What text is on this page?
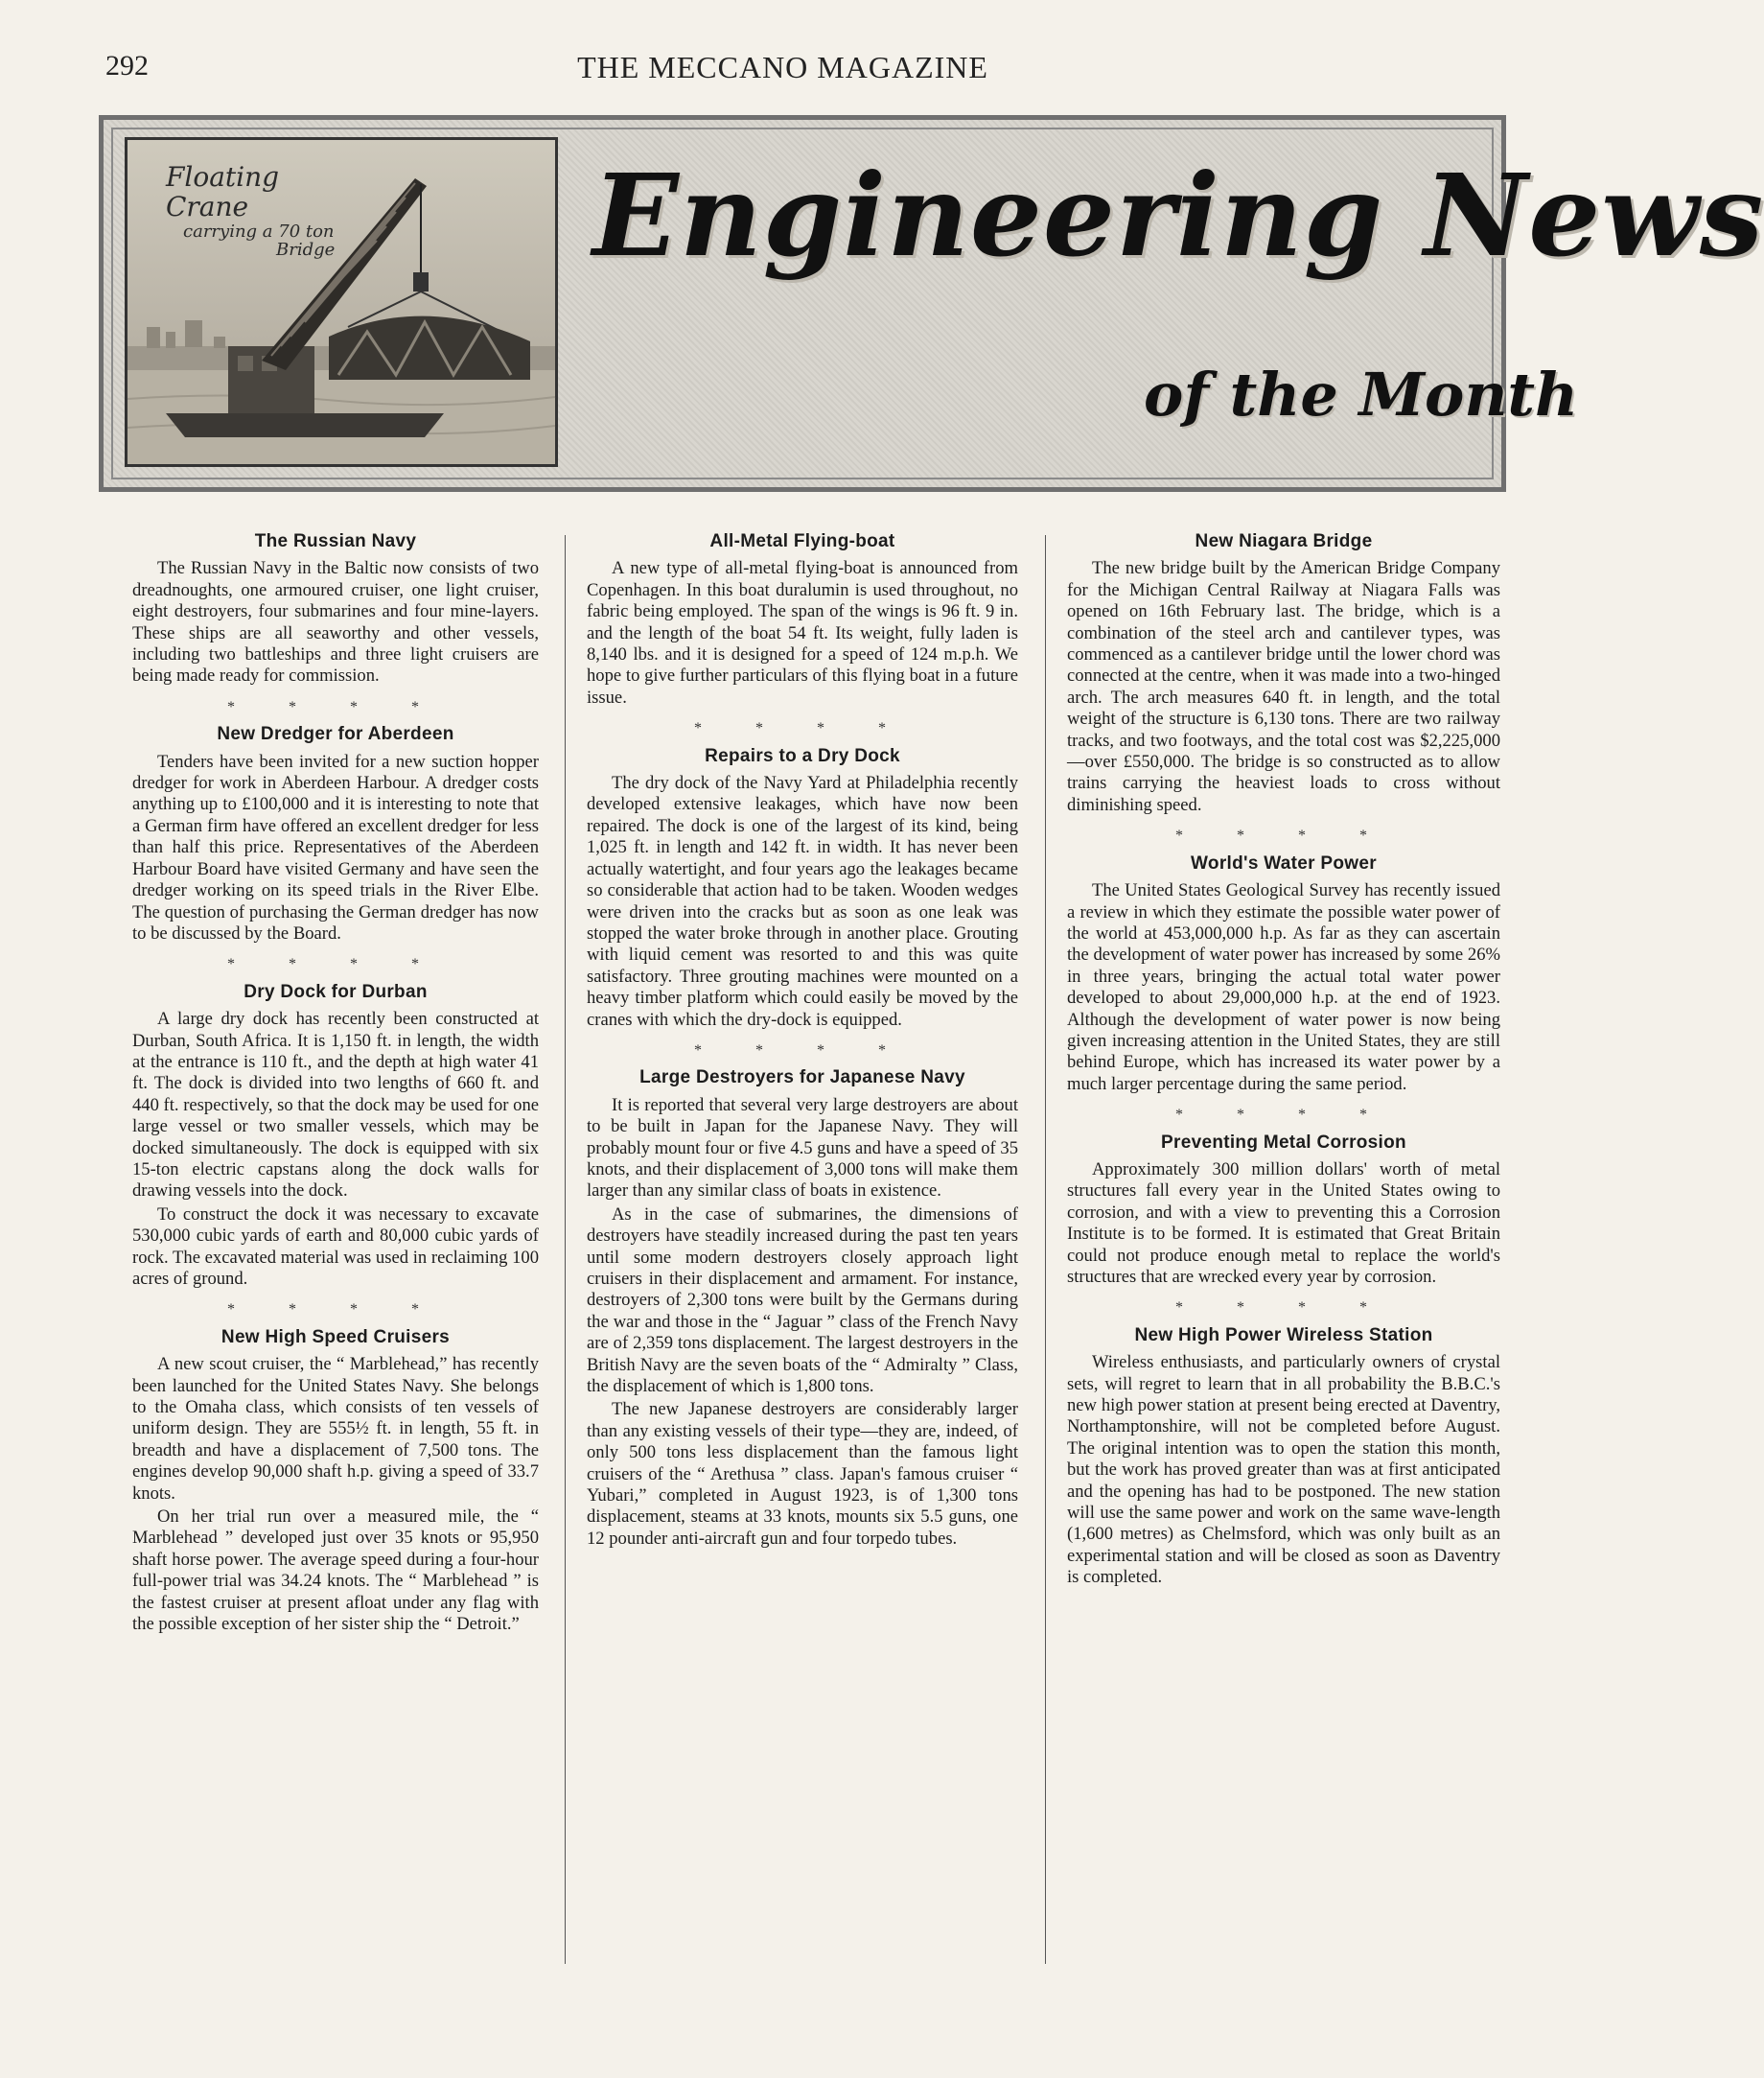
292	THE MECCANO MAGAZINE
Floating Crane
carrying a 70 ton
Bridge Engineering News
of the Month
The Russian Navy

The Russian Navy in the Baltic now consists of two dreadnoughts, one armoured cruiser, one light cruiser, eight destroyers, four submarines and four mine-layers. These ships are all seaworthy and other vessels, including two battleships and three light cruisers are being made ready for commission.

* * * *
New Dredger for Aberdeen

Tenders have been invited for a new suction hopper dredger for work in Aberdeen Harbour. A dredger costs anything up to £100,000 and it is interesting to note that a German firm have offered an excellent dredger for less than half this price. Representatives of the Aberdeen Harbour Board have visited Germany and have seen the dredger working on its speed trials in the River Elbe. The question of purchasing the German dredger has now to be discussed by the Board.

* * * *
Dry Dock for Durban

A large dry dock has recently been constructed at Durban, South Africa. It is 1,150 ft. in length, the width at the entrance is 110 ft., and the depth at high water 41 ft. The dock is divided into two lengths of 660 ft. and 440 ft. respectively, so that the dock may be used for one large vessel or two smaller vessels, which may be docked simultaneously. The dock is equipped with six 15-ton electric capstans along the dock walls for drawing vessels into the dock.

To construct the dock it was necessary to excavate 530,000 cubic yards of earth and 80,000 cubic yards of rock. The excavated material was used in reclaiming 100 acres of ground.

* * * *
New High Speed Cruisers

A new scout cruiser, the “ Marblehead,” has recently been launched for the United States Navy. She belongs to the Omaha class, which consists of ten vessels of uniform design. They are 555½ ft. in length, 55 ft. in breadth and have a displacement of 7,500 tons. The engines develop 90,000 shaft h.p. giving a speed of 33.7 knots.

On her trial run over a measured mile, the “ Marblehead ” developed just over 35 knots or 95,950 shaft horse power. The average speed during a four-hour full-power trial was 34.24 knots. The “ Marblehead ” is the fastest cruiser at present afloat under any flag with the possible exception of her sister ship the “ Detroit.”

All-Metal Flying-boat

A new type of all-metal flying-boat is announced from Copenhagen. In this boat duralumin is used throughout, no fabric being employed. The span of the wings is 96 ft. 9 in. and the length of the boat 54 ft. Its weight, fully laden is 8,140 lbs. and it is designed for a speed of 124 m.p.h. We hope to give further particulars of this flying boat in a future issue.

* * * *
Repairs to a Dry Dock

The dry dock of the Navy Yard at Philadelphia recently developed extensive leakages, which have now been repaired. The dock is one of the largest of its kind, being 1,025 ft. in length and 142 ft. in width. It has never been actually watertight, and four years ago the leakages became so considerable that action had to be taken. Wooden wedges were driven into the cracks but as soon as one leak was stopped the water broke through in another place. Grouting with liquid cement was resorted to and this was quite satisfactory. Three grouting machines were mounted on a heavy timber platform which could easily be moved by the cranes with which the dry-dock is equipped.

* * * *
Large Destroyers for Japanese Navy

It is reported that several very large destroyers are about to be built in Japan for the Japanese Navy. They will probably mount four or five 4.5 guns and have a speed of 35 knots, and their displacement of 3,000 tons will make them larger than any similar class of boats in existence.

As in the case of submarines, the dimensions of destroyers have steadily increased during the past ten years until some modern destroyers closely approach light cruisers in their displacement and armament. For instance, destroyers of 2,300 tons were built by the Germans during the war and those in the “ Jaguar ” class of the French Navy are of 2,359 tons displacement. The largest destroyers in the British Navy are the seven boats of the “ Admiralty ” Class, the displacement of which is 1,800 tons.

The new Japanese destroyers are considerably larger than any existing vessels of their type—they are, indeed, of only 500 tons less displacement than the famous light cruisers of the “ Arethusa ” class. Japan's famous cruiser “ Yubari,” completed in August 1923, is of 1,300 tons displacement, steams at 33 knots, mounts six 5.5 guns, one 12 pounder anti-aircraft gun and four torpedo tubes.

New Niagara Bridge

The new bridge built by the American Bridge Company for the Michigan Central Railway at Niagara Falls was opened on 16th February last. The bridge, which is a combination of the steel arch and cantilever types, was commenced as a cantilever bridge until the lower chord was connected at the centre, when it was made into a two-hinged arch. The arch measures 640 ft. in length, and the total weight of the structure is 6,130 tons. There are two railway tracks, and two footways, and the total cost was $2,225,000 —over £550,000. The bridge is so constructed as to allow trains carrying the heaviest loads to cross without diminishing speed.

* * * *
World's Water Power

The United States Geological Survey has recently issued a review in which they estimate the possible water power of the world at 453,000,000 h.p. As far as they can ascertain the development of water power has increased by some 26% in three years, bringing the actual total water power developed to about 29,000,000 h.p. at the end of 1923. Although the development of water power is now being given increasing attention in the United States, they are still behind Europe, which has increased its water power by a much larger percentage during the same period.

* * * *
Preventing Metal Corrosion

Approximately 300 million dollars' worth of metal structures fall every year in the United States owing to corrosion, and with a view to preventing this a Corrosion Institute is to be formed. It is estimated that Great Britain could not produce enough metal to replace the world's structures that are wrecked every year by corrosion.

* * * *
New High Power Wireless Station

Wireless enthusiasts, and particularly owners of crystal sets, will regret to learn that in all probability the B.B.C.'s new high power station at present being erected at Daventry, Northamptonshire, will not be completed before August. The original intention was to open the station this month, but the work has proved greater than was at first anticipated and the opening has had to be postponed. The new station will use the same power and work on the same wave-length (1,600 metres) as Chelmsford, which was only built as an experimental station and will be closed as soon as Daventry is completed.
